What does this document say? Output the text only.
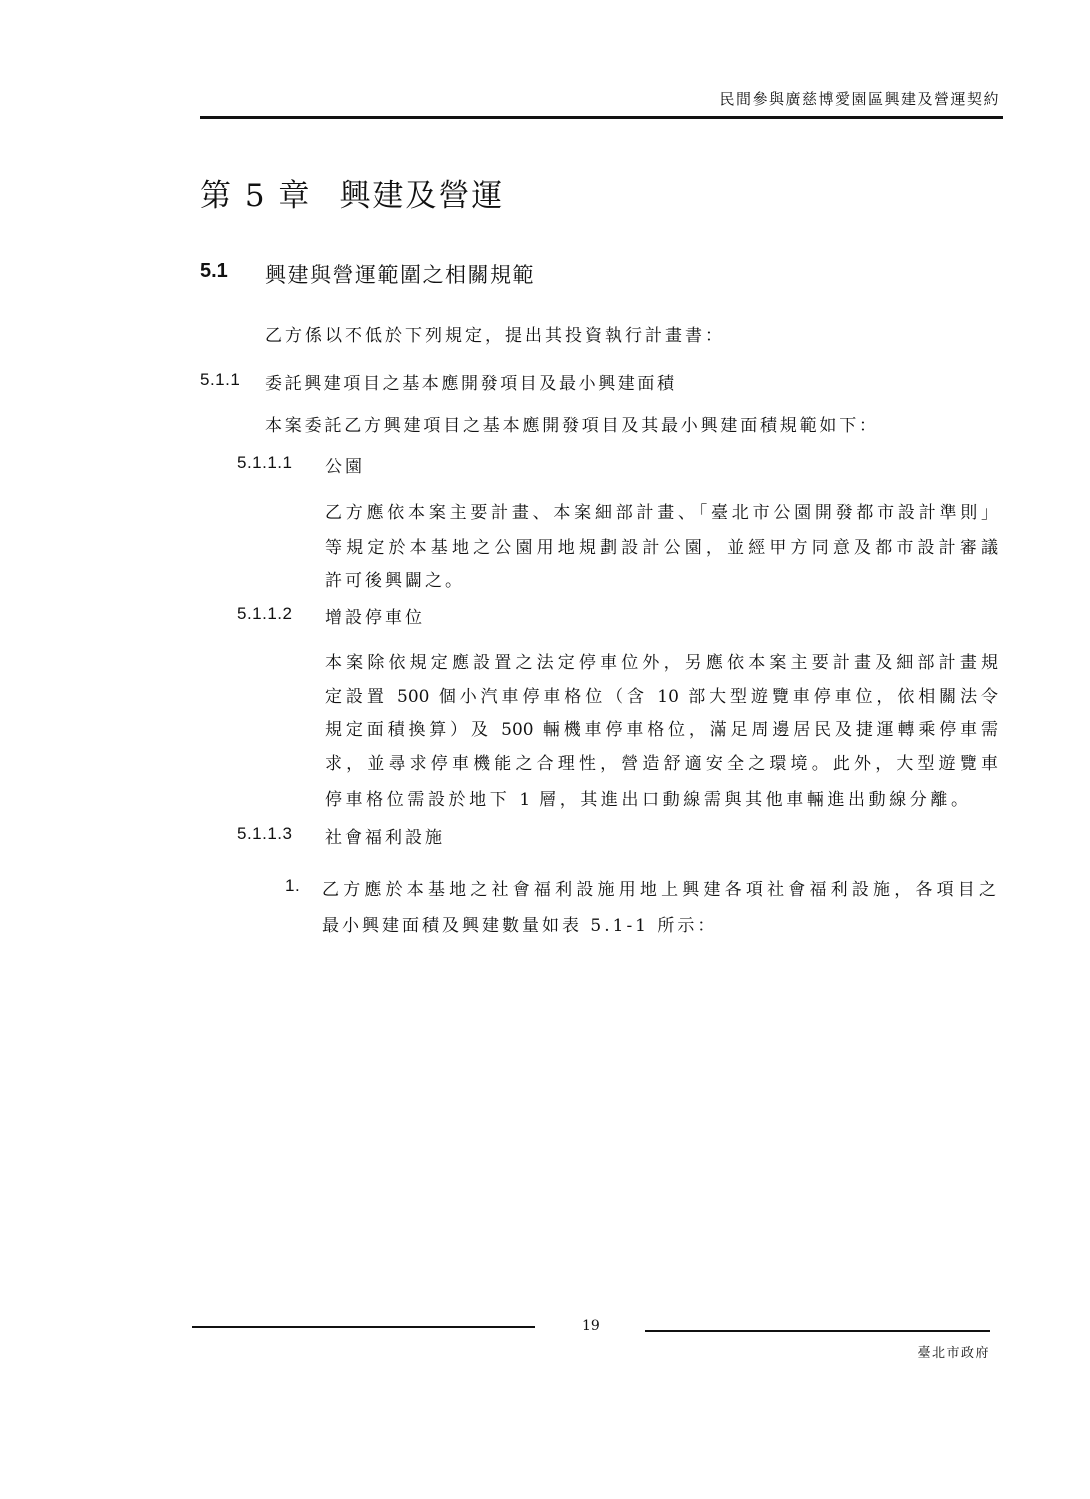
民間參與廣慈博愛園區興建及營運契約
第 5 章 興建及營運
5.1 興建與營運範圍之相關規範
乙方係以不低於下列規定，提出其投資執行計畫書：
5.1.1 委託興建項目之基本應開發項目及最小興建面積
本案委託乙方興建項目之基本應開發項目及其最小興建面積規範如下：
5.1.1.1 公園
乙方應依本案主要計畫、本案細部計畫、「臺北市公園開發都市設計準則」
等規定於本基地之公園用地規劃設計公園，並經甲方同意及都市設計審議
許可後興闢之。
5.1.1.2 增設停車位
本案除依規定應設置之法定停車位外，另應依本案主要計畫及細部計畫規
定設置 500 個小汽車停車格位（含 10 部大型遊覽車停車位，依相關法令
規定面積換算）及 500 輛機車停車格位，滿足周邊居民及捷運轉乘停車需
求，並尋求停車機能之合理性，營造舒適安全之環境。此外，大型遊覽車
停車格位需設於地下 1 層，其進出口動線需與其他車輛進出動線分離。
5.1.1.3 社會福利設施
1. 乙方應於本基地之社會福利設施用地上興建各項社會福利設施，各項目之
最小興建面積及興建數量如表 5.1-1 所示：
19
臺北市政府
